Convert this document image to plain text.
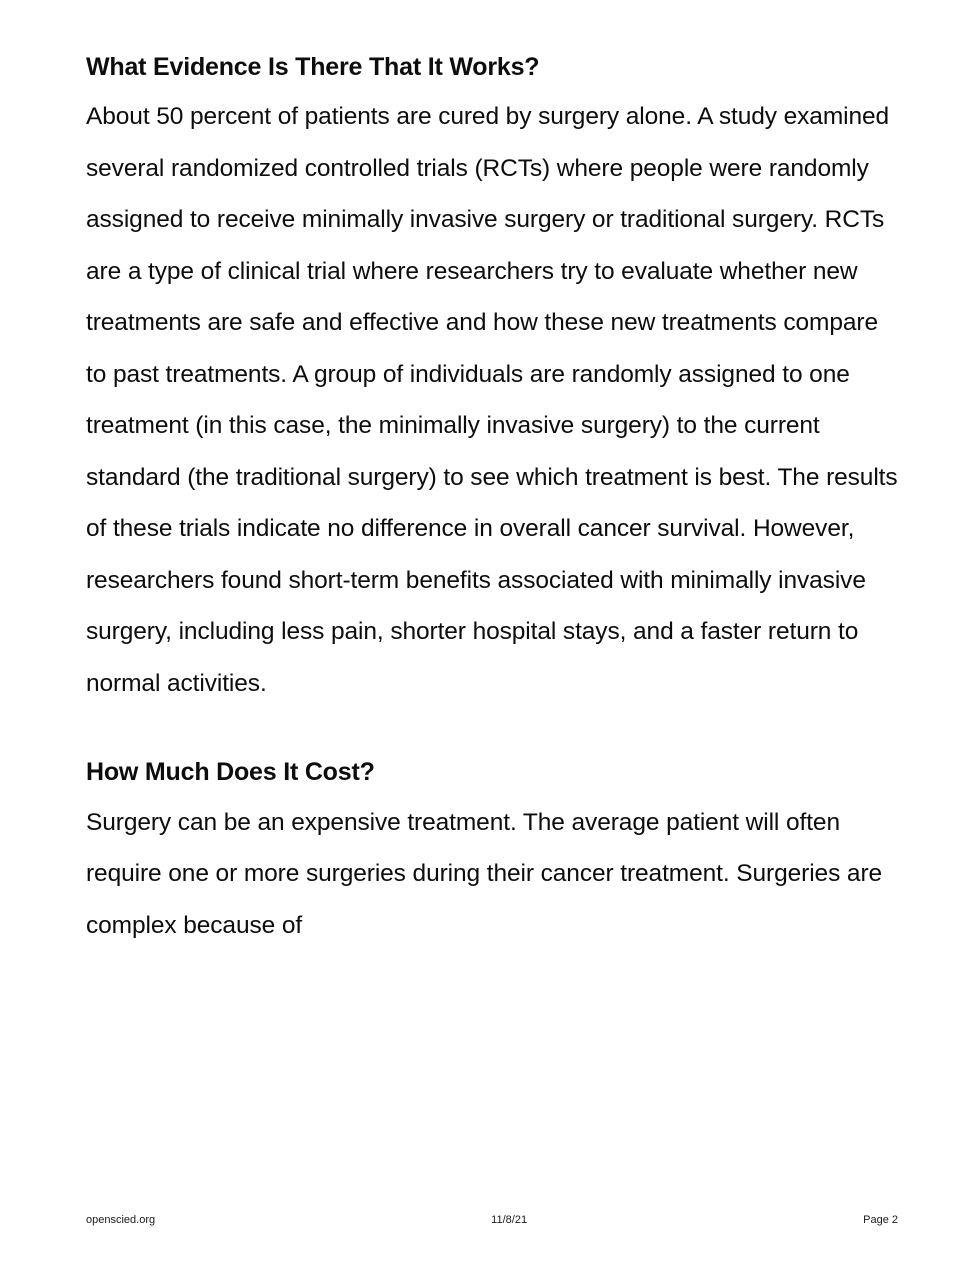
What Evidence Is There That It Works?

About 50 percent of patients are cured by surgery alone. A study examined several randomized controlled trials (RCTs) where people were randomly assigned to receive minimally invasive surgery or traditional surgery. RCTs are a type of clinical trial where researchers try to evaluate whether new treatments are safe and effective and how these new treatments compare to past treatments. A group of individuals are randomly assigned to one treatment (in this case, the minimally invasive surgery) to the current standard (the traditional surgery) to see which treatment is best. The results of these trials indicate no difference in overall cancer survival. However, researchers found short-term benefits associated with minimally invasive surgery, including less pain, shorter hospital stays, and a faster return to normal activities.

How Much Does It Cost?

Surgery can be an expensive treatment. The average patient will often require one or more surgeries during their cancer treatment. Surgeries are complex because of

openscied.org	11/8/21	Page 2
